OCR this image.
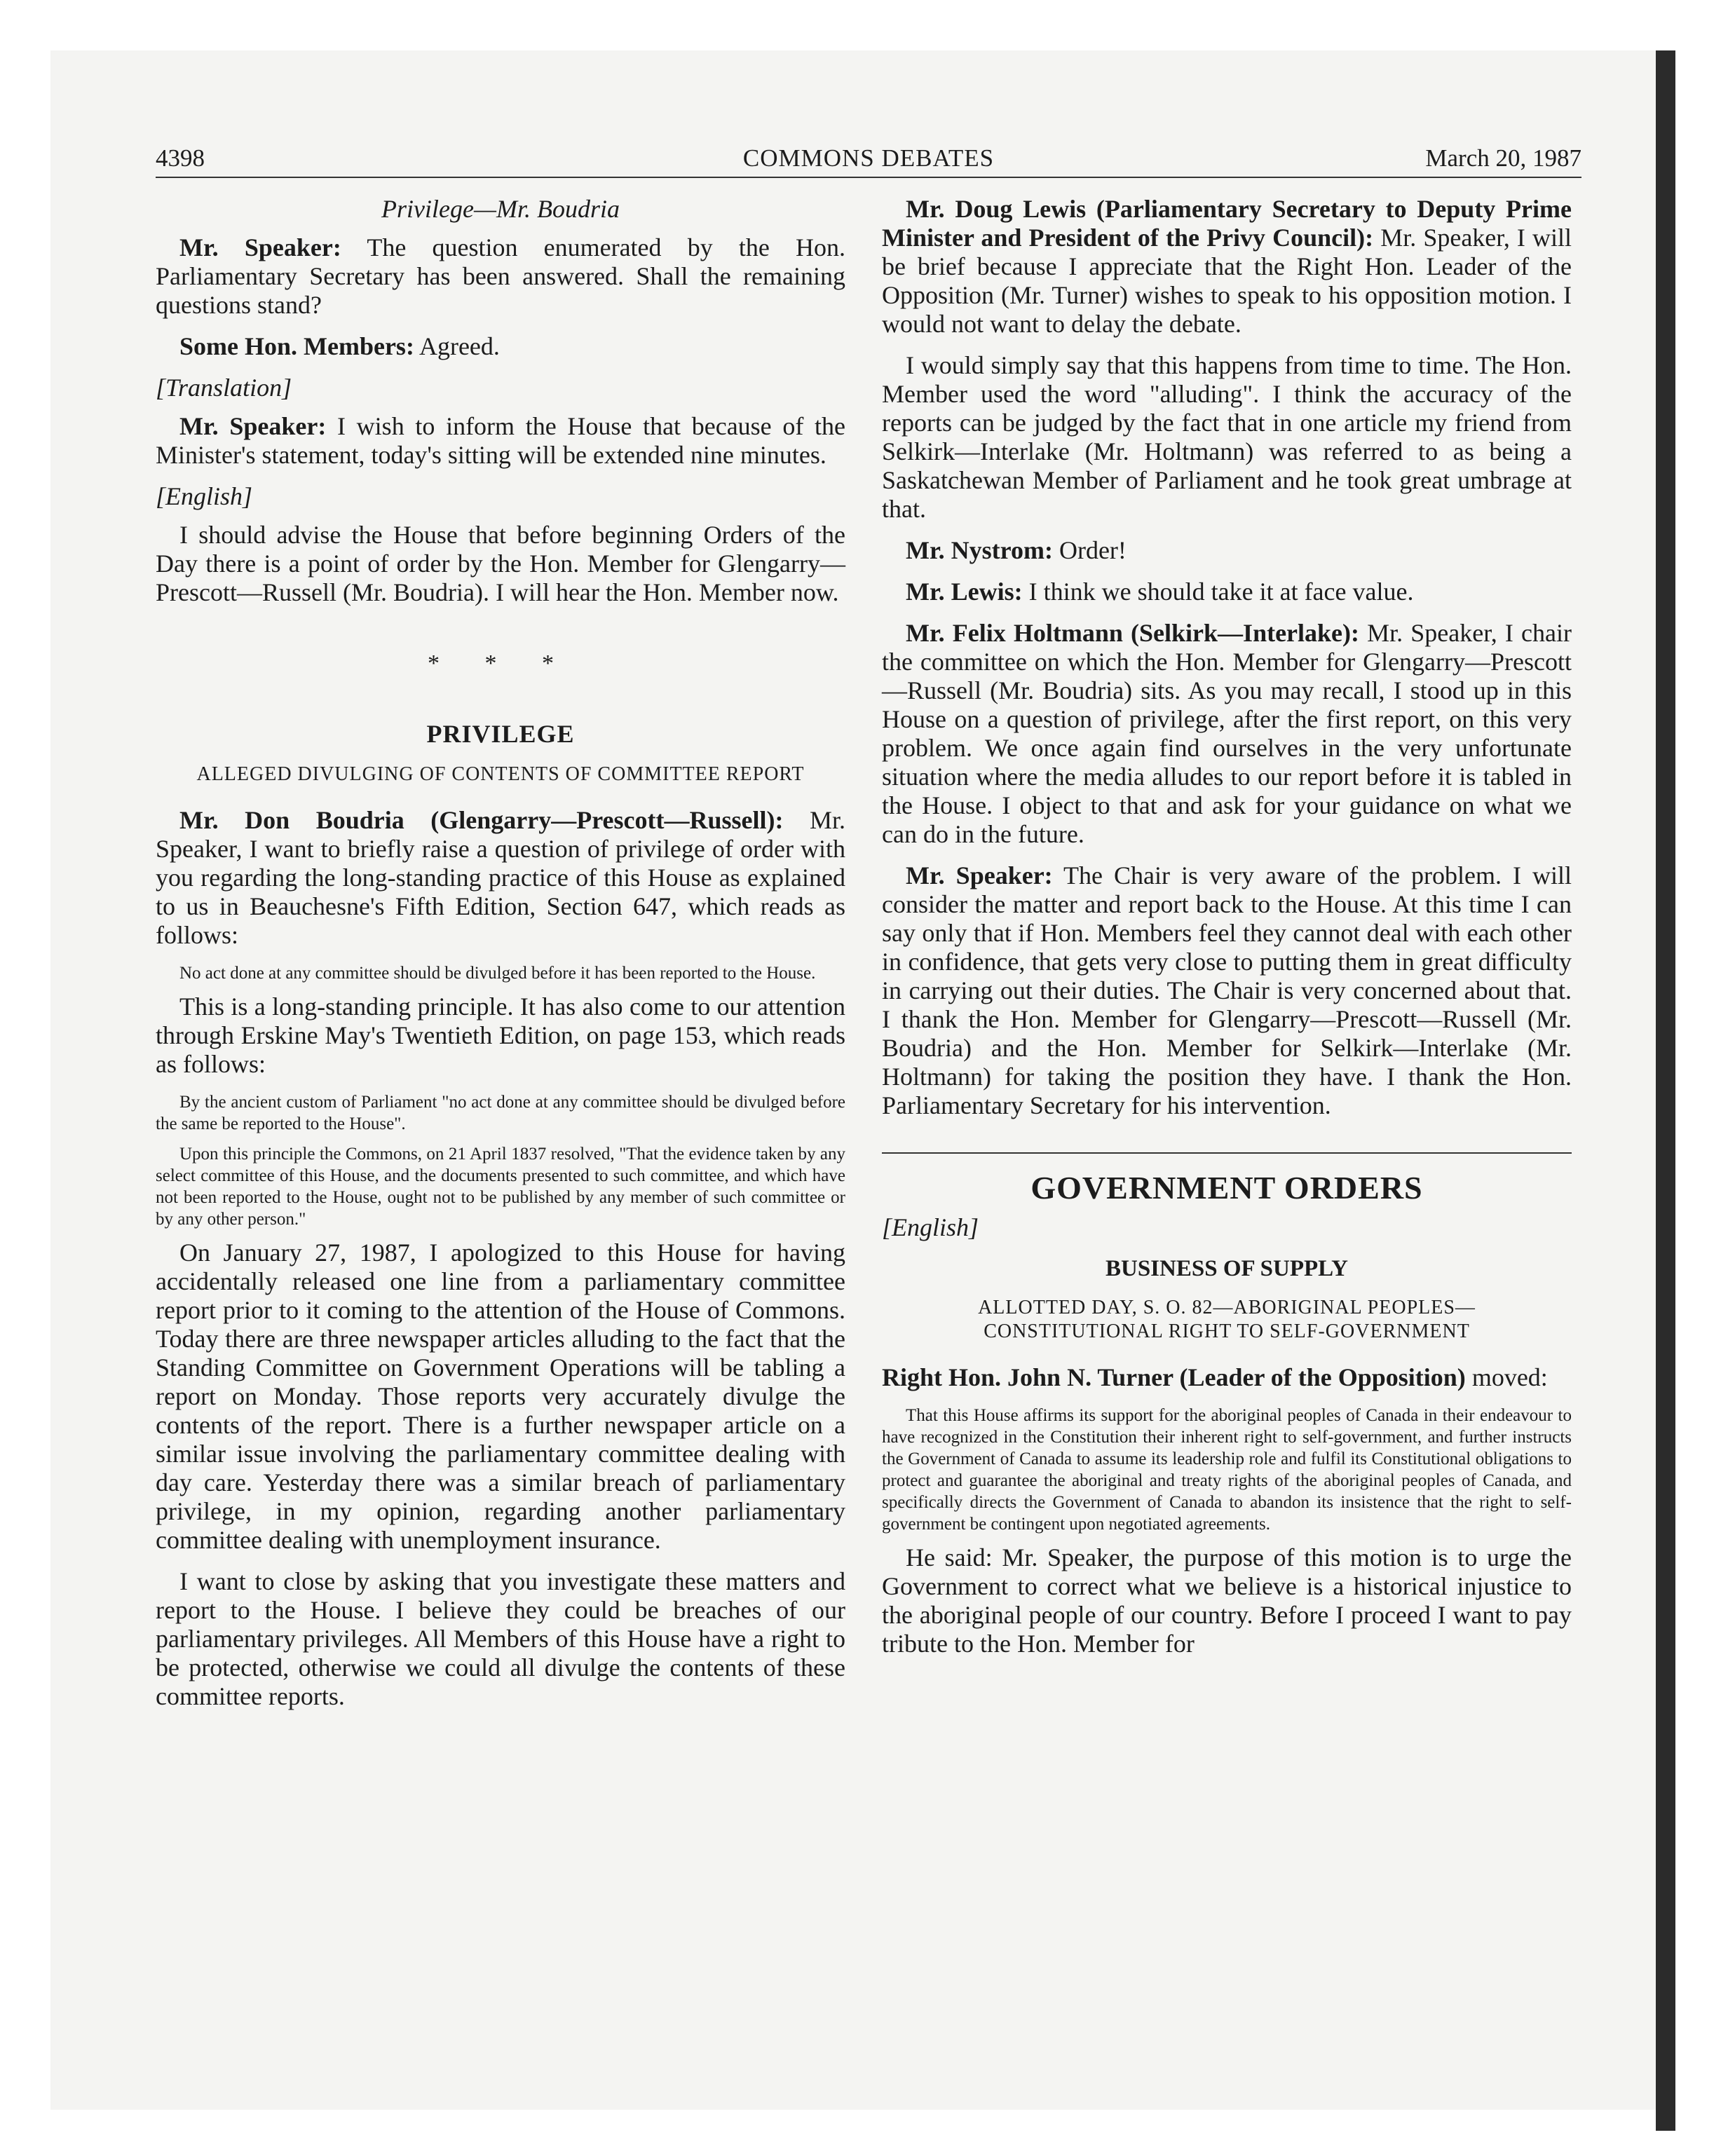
4398	COMMONS DEBATES	March 20, 1987

Privilege—Mr. Boudria

Mr. Speaker: The question enumerated by the Hon. Parliamentary Secretary has been answered. Shall the remaining questions stand?

Some Hon. Members: Agreed.

[Translation]

Mr. Speaker: I wish to inform the House that because of the Minister's statement, today's sitting will be extended nine minutes.

[English]

I should advise the House that before beginning Orders of the Day there is a point of order by the Hon. Member for Glengarry—Prescott—Russell (Mr. Boudria). I will hear the Hon. Member now.

* * *
PRIVILEGE
ALLEGED DIVULGING OF CONTENTS OF COMMITTEE REPORT

Mr. Don Boudria (Glengarry—Prescott—Russell): Mr. Speaker, I want to briefly raise a question of privilege of order with you regarding the long-standing practice of this House as explained to us in Beauchesne's Fifth Edition, Section 647, which reads as follows:

No act done at any committee should be divulged before it has been reported to the House.

This is a long-standing principle. It has also come to our attention through Erskine May's Twentieth Edition, on page 153, which reads as follows:

By the ancient custom of Parliament "no act done at any committee should be divulged before the same be reported to the House".

Upon this principle the Commons, on 21 April 1837 resolved, "That the evidence taken by any select committee of this House, and the documents presented to such committee, and which have not been reported to the House, ought not to be published by any member of such committee or by any other person."

On January 27, 1987, I apologized to this House for having accidentally released one line from a parliamentary committee report prior to it coming to the attention of the House of Commons. Today there are three newspaper articles alluding to the fact that the Standing Committee on Government Operations will be tabling a report on Monday. Those reports very accurately divulge the contents of the report. There is a further newspaper article on a similar issue involving the parliamentary committee dealing with day care. Yesterday there was a similar breach of parliamentary privilege, in my opinion, regarding another parliamentary committee dealing with unemployment insurance.

I want to close by asking that you investigate these matters and report to the House. I believe they could be breaches of our parliamentary privileges. All Members of this House have a right to be protected, otherwise we could all divulge the contents of these committee reports.

Mr. Doug Lewis (Parliamentary Secretary to Deputy Prime Minister and President of the Privy Council): Mr. Speaker, I will be brief because I appreciate that the Right Hon. Leader of the Opposition (Mr. Turner) wishes to speak to his opposition motion. I would not want to delay the debate.

I would simply say that this happens from time to time. The Hon. Member used the word "alluding". I think the accuracy of the reports can be judged by the fact that in one article my friend from Selkirk—Interlake (Mr. Holtmann) was referred to as being a Saskatchewan Member of Parliament and he took great umbrage at that.

Mr. Nystrom: Order!

Mr. Lewis: I think we should take it at face value.

Mr. Felix Holtmann (Selkirk—Interlake): Mr. Speaker, I chair the committee on which the Hon. Member for Glengarry—Prescott—Russell (Mr. Boudria) sits. As you may recall, I stood up in this House on a question of privilege, after the first report, on this very problem. We once again find ourselves in the very unfortunate situation where the media alludes to our report before it is tabled in the House. I object to that and ask for your guidance on what we can do in the future.

Mr. Speaker: The Chair is very aware of the problem. I will consider the matter and report back to the House. At this time I can say only that if Hon. Members feel they cannot deal with each other in confidence, that gets very close to putting them in great difficulty in carrying out their duties. The Chair is very concerned about that. I thank the Hon. Member for Glengarry—Prescott—Russell (Mr. Boudria) and the Hon. Member for Selkirk—Interlake (Mr. Holtmann) for taking the position they have. I thank the Hon. Parliamentary Secretary for his intervention.

GOVERNMENT ORDERS

[English]

BUSINESS OF SUPPLY
ALLOTTED DAY, S. O. 82—ABORIGINAL PEOPLES—
CONSTITUTIONAL RIGHT TO SELF-GOVERNMENT

Right Hon. John N. Turner (Leader of the Opposition) moved:

That this House affirms its support for the aboriginal peoples of Canada in their endeavour to have recognized in the Constitution their inherent right to self-government, and further instructs the Government of Canada to assume its leadership role and fulfil its Constitutional obligations to protect and guarantee the aboriginal and treaty rights of the aboriginal peoples of Canada, and specifically directs the Government of Canada to abandon its insistence that the right to self-government be contingent upon negotiated agreements.

He said: Mr. Speaker, the purpose of this motion is to urge the Government to correct what we believe is a historical injustice to the aboriginal people of our country. Before I proceed I want to pay tribute to the Hon. Member for
